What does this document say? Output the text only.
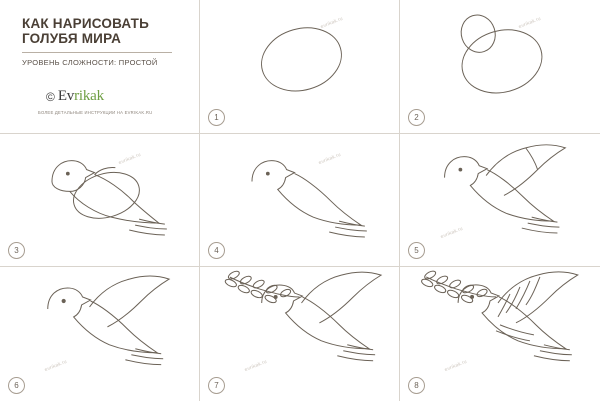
КАК НАРИСОВАТЬ
ГОЛУБЯ МИРА
УРОВЕНЬ СЛОЖНОСТИ: ПРОСТОЙ
© Evrikak
БОЛЕЕ ДЕТАЛЬНЫЕ ИНСТРУКЦИИ НА EVRIKAK.RU
evrikak.ru
1
evrikak.ru
2
evrikak.ru
3
evrikak.ru
4
evrikak.ru
5
evrikak.ru
6
evrikak.ru
7
evrikak.ru
8
